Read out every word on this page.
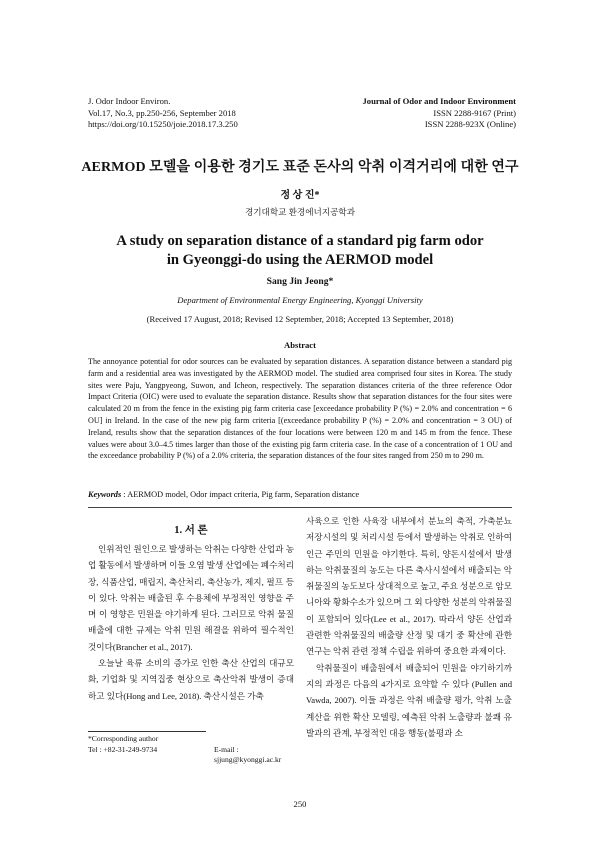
J. Odor Indoor Environ.
Vol.17, No.3, pp.250-256, September 2018
https://doi.org/10.15250/joie.2018.17.3.250
Journal of Odor and Indoor Environment
ISSN 2288-9167 (Print)
ISSN 2288-923X (Online)
AERMOD 모델을 이용한 경기도 표준 돈사의 악취 이격거리에 대한 연구
정 상 진*
경기대학교 환경에너지공학과
A study on separation distance of a standard pig farm odor
in Gyeonggi-do using the AERMOD model
Sang Jin Jeong*
Department of Environmental Energy Engineering, Kyonggi University
(Received 17 August, 2018; Revised 12 September, 2018; Accepted 13 September, 2018)
Abstract
The annoyance potential for odor sources can be evaluated by separation distances. A separation distance between a standard pig farm and a residential area was investigated by the AERMOD model. The studied area comprised four sites in Korea. The study sites were Paju, Yangpyeong, Suwon, and Icheon, respectively. The separation distances criteria of the three reference Odor Impact Criteria (OIC) were used to evaluate the separation distance. Results show that separation distances for the four sites were calculated 20 m from the fence in the existing pig farm criteria case [exceedance probability P (%) = 2.0% and concentration = 6 OU] in Ireland. In the case of the new pig farm criteria [(exceedance probability P (%) = 2.0% and concentration = 3 OU) of Ireland, results show that the separation distances of the four locations were between 120 m and 145 m from the fence. These values were about 3.0–4.5 times larger than those of the existing pig farm criteria case. In the case of a concentration of 1 OU and the exceedance probability P (%) of a 2.0% criteria, the separation distances of the four sites ranged from 250 m to 290 m.
Keywords : AERMOD model, Odor impact criteria, Pig farm, Separation distance
1. 서 론

인위적인 원인으로 발생하는 악취는 다양한 산업과 농업 활동에서 발생하며 이들 오염 발생 산업에는 폐수처리장, 식품산업, 매립지, 축산처리, 축산농가, 제지, 펄프 등이 있다. 악취는 배출된 후 수용체에 부정적인 영향을 주며 이 영향은 민원을 야기하게 된다. 그러므로 악취 물질 배출에 대한 규제는 악취 민원 해결을 위하여 필수적인 것이다(Brancher et al., 2017).

오늘날 육류 소비의 증가로 인한 축산 산업의 대규모화, 기업화 및 지역집중 현상으로 축산악취 발생이 증대하고 있다(Hong and Lee, 2018). 축산시설은 가축

사육으로 인한 사육장 내부에서 분뇨의 축적, 가축분뇨 저장시설의 및 처리시설 등에서 발생하는 악취로 인하여 인근 주민의 민원을 야기한다. 특히, 양돈시설에서 발생하는 악취물질의 농도는 다른 축사시설에서 배출되는 악취물질의 농도보다 상대적으로 높고, 주요 성분으로 암모니아와 황화수소가 있으며 그 외 다양한 성분의 악취물질이 포함되어 있다(Lee et al., 2017). 따라서 양돈 산업과 관련한 악취물질의 배출량 산정 및 대기 중 확산에 관한 연구는 악취 관련 정책 수립을 위하여 중요한 과제이다.

악취물질이 배출원에서 배출되어 민원을 야기하기까지의 과정은 다음의 4가지로 요약할 수 있다 (Pullen and Vawda, 2007). 이들 과정은 악취 배출량 평가, 악취 노출 계산을 위한 확산 모델링, 예측된 악취 노출량과 불쾌 유발과의 관계, 부정적인 대응 행동(불평과 소

*Corresponding author
Tel : +82-31-249-9734	E-mail : sjjung@kyonggi.ac.kr
250
